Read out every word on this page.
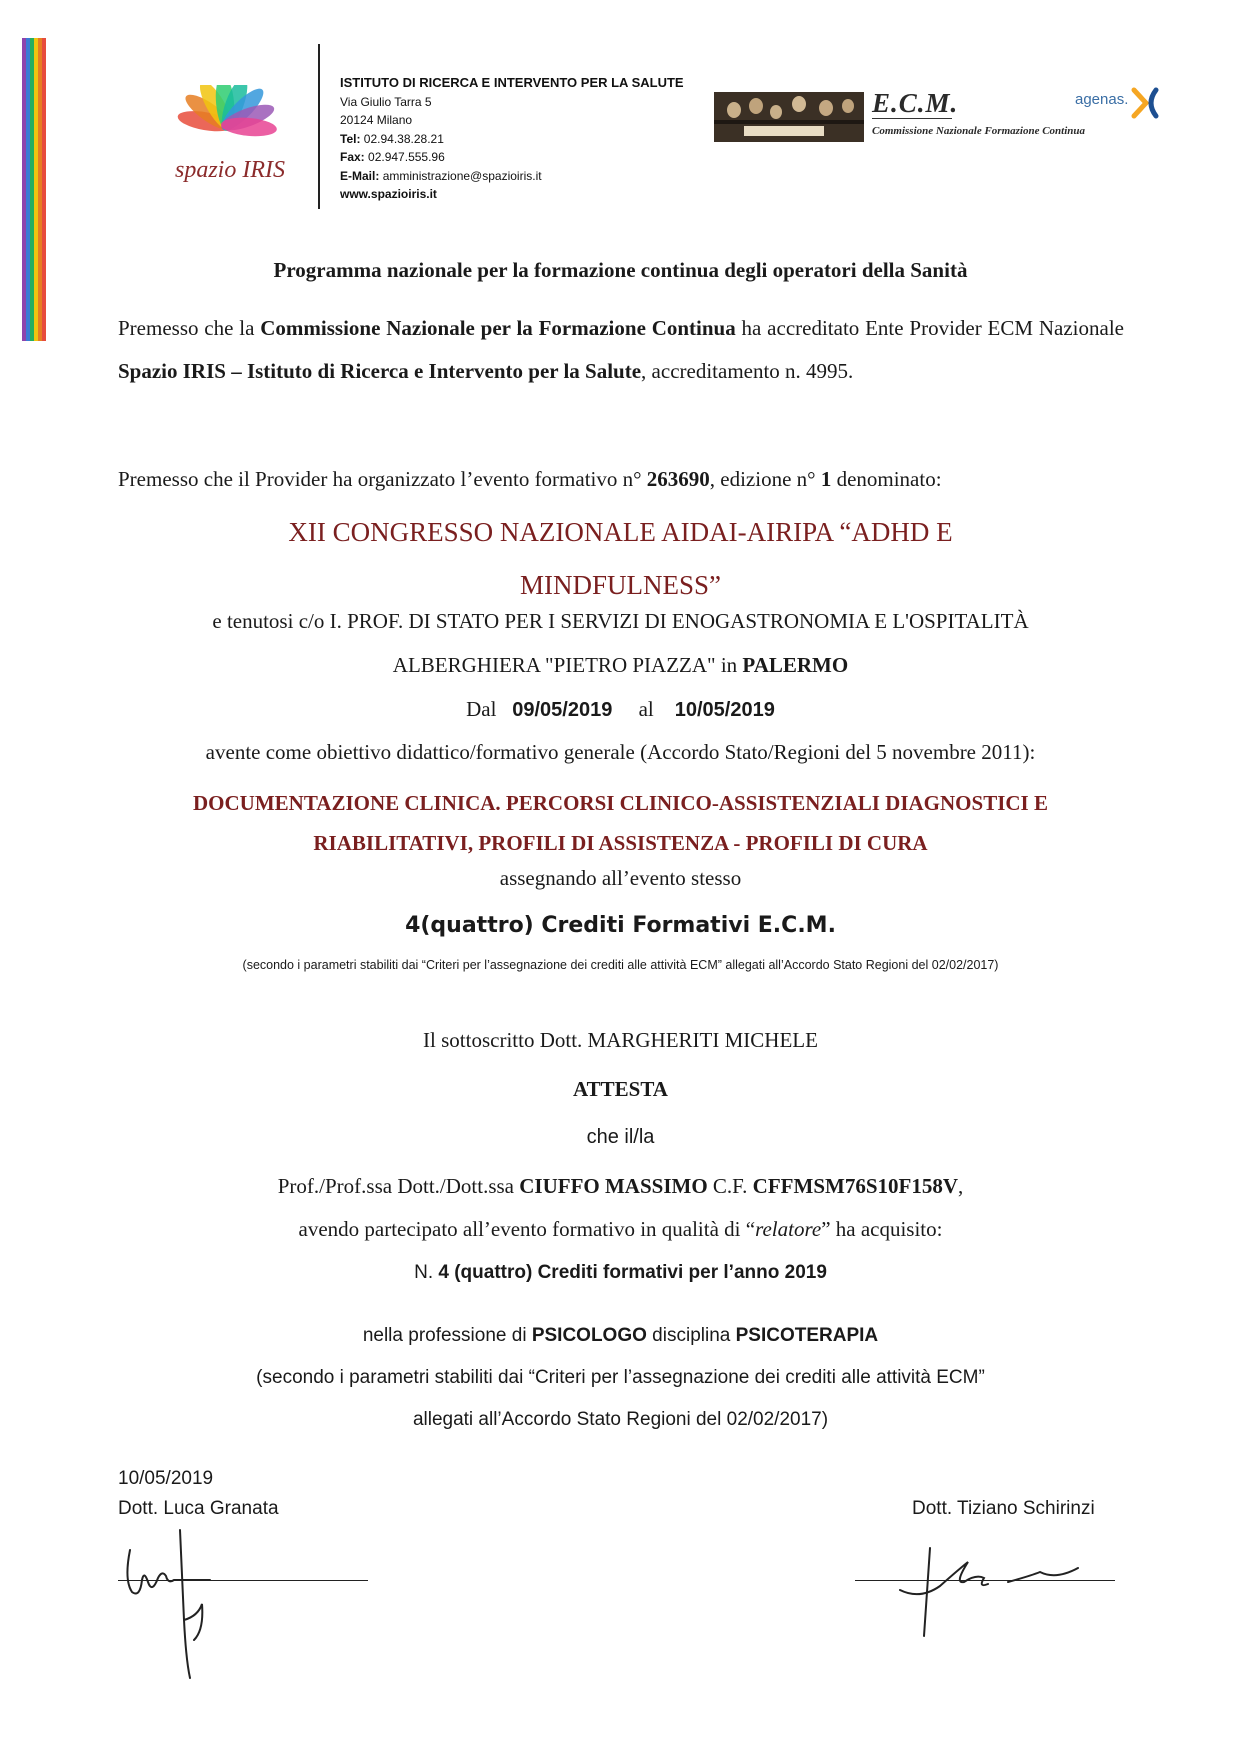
spazio IRIS
ISTITUTO DI RICERCA E INTERVENTO PER LA SALUTE
Via Giulio Tarra 5
20124 Milano
Tel: 02.94.38.28.21
Fax: 02.947.555.96
E-Mail: amministrazione@spazioiris.it
www.spazioiris.it
E.C.M.
Commissione Nazionale Formazione Continua
agenas.
Programma nazionale per la formazione continua degli operatori della Sanità
Premesso che la Commissione Nazionale per la Formazione Continua ha accreditato Ente Provider ECM Nazionale Spazio IRIS – Istituto di Ricerca e Intervento per la Salute, accreditamento n. 4995.
Premesso che il Provider ha organizzato l’evento formativo n° 263690, edizione n° 1 denominato:
XII CONGRESSO NAZIONALE AIDAI-AIRIPA “ADHD E
MINDFULNESS”
e tenutosi c/o I. PROF. DI STATO PER I SERVIZI DI ENOGASTRONOMIA E L'OSPITALITÀ
ALBERGHIERA "PIETRO PIAZZA" in PALERMO
Dal 09/05/2019 al 10/05/2019
avente come obiettivo didattico/formativo generale (Accordo Stato/Regioni del 5 novembre 2011):
DOCUMENTAZIONE CLINICA. PERCORSI CLINICO-ASSISTENZIALI DIAGNOSTICI E
RIABILITATIVI, PROFILI DI ASSISTENZA - PROFILI DI CURA
assegnando all’evento stesso
4(quattro) Crediti Formativi E.C.M.
(secondo i parametri stabiliti dai “Criteri per l’assegnazione dei crediti alle attività ECM” allegati all’Accordo Stato Regioni del 02/02/2017)
Il sottoscritto Dott. MARGHERITI MICHELE
ATTESTA
che il/la
Prof./Prof.ssa Dott./Dott.ssa CIUFFO MASSIMO C.F. CFFMSM76S10F158V,
avendo partecipato all’evento formativo in qualità di “relatore” ha acquisito:
N. 4 (quattro) Crediti formativi per l’anno 2019
nella professione di PSICOLOGO disciplina PSICOTERAPIA
(secondo i parametri stabiliti dai “Criteri per l’assegnazione dei crediti alle attività ECM”
allegati all’Accordo Stato Regioni del 02/02/2017)
10/05/2019
Dott. Luca Granata	Dott. Tiziano Schirinzi
